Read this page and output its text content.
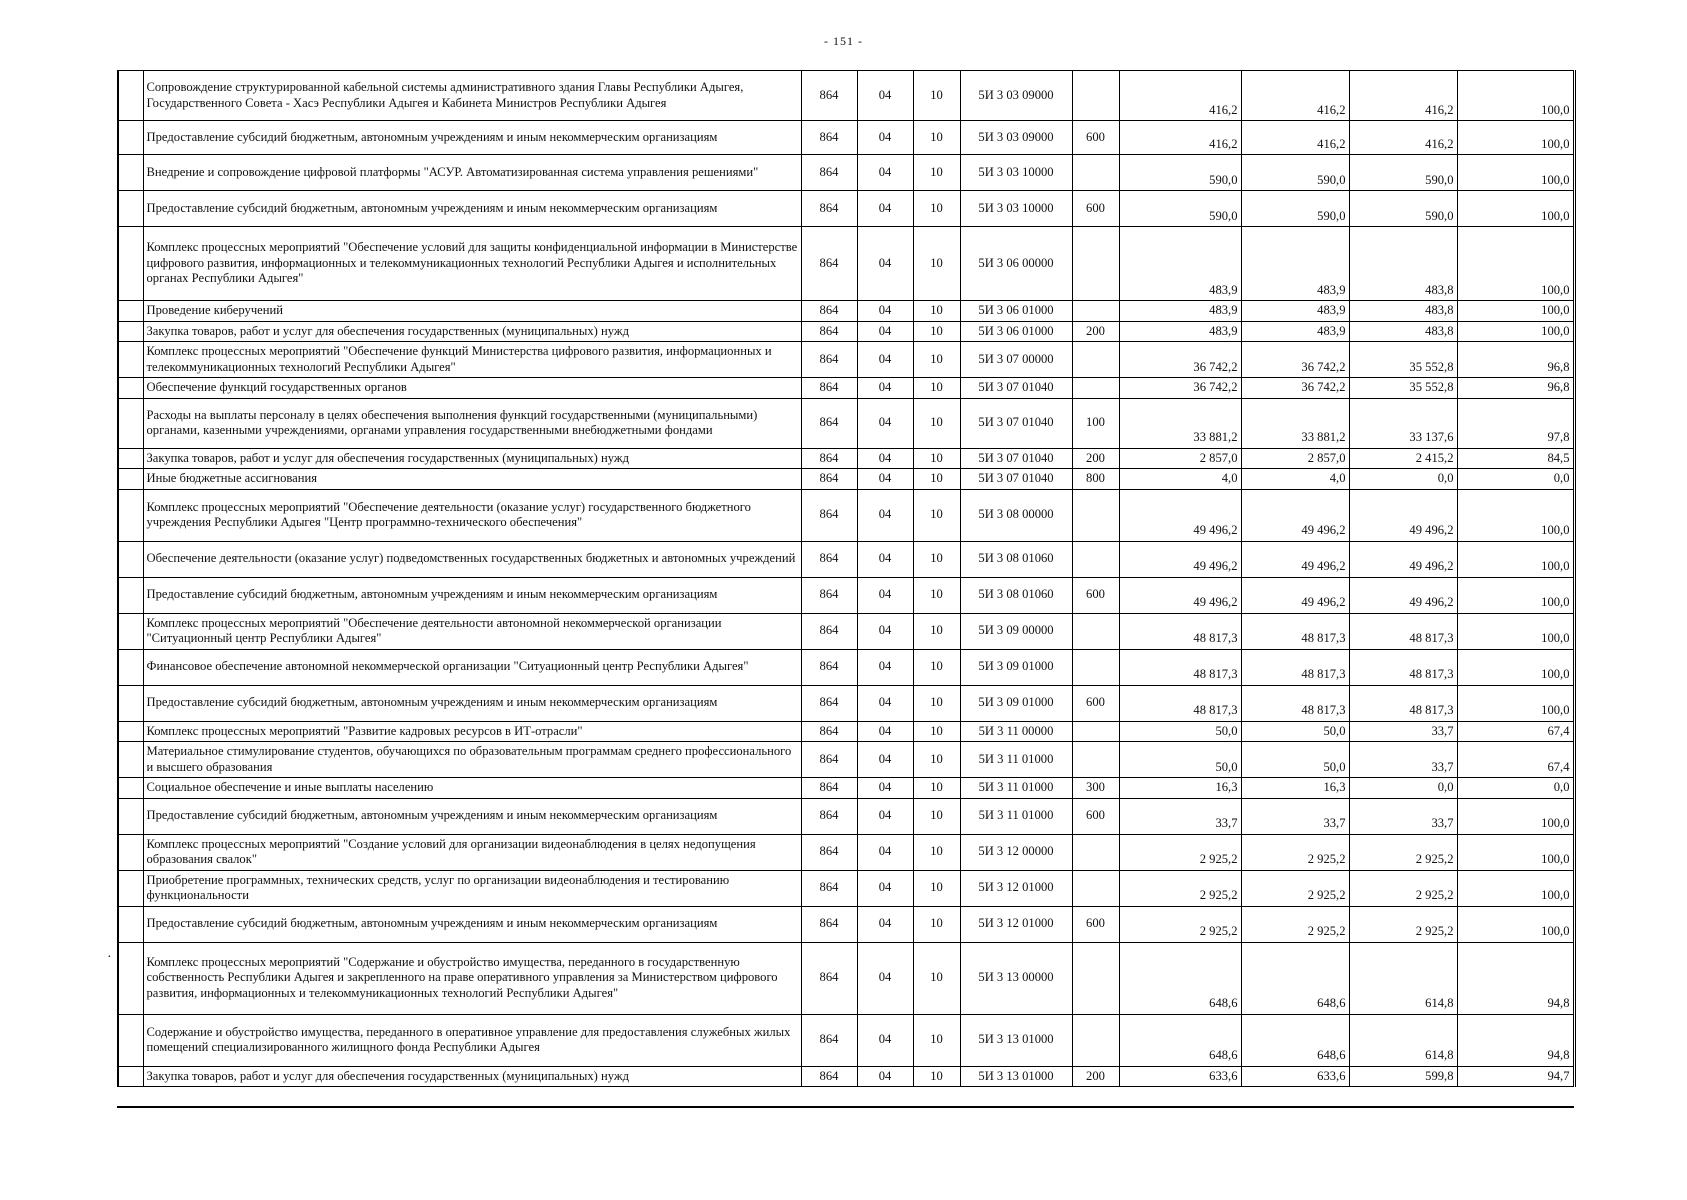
- 151 -
·
	Сопровождение структурированной кабельной системы административного здания Главы Республики Адыгея, Государственного Совета - Хасэ Республики Адыгея и Кабинета Министров Республики Адыгея	864	04	10	5И 3 03 09000		416,2	416,2	416,2	100,0
	Предоставление субсидий бюджетным, автономным учреждениям и иным некоммерческим организациям	864	04	10	5И 3 03 09000	600	416,2	416,2	416,2	100,0
	Внедрение и сопровождение цифровой платформы "АСУР. Автоматизированная система управления решениями"	864	04	10	5И 3 03 10000		590,0	590,0	590,0	100,0
	Предоставление субсидий бюджетным, автономным учреждениям и иным некоммерческим организациям	864	04	10	5И 3 03 10000	600	590,0	590,0	590,0	100,0
	Комплекс процессных мероприятий "Обеспечение условий для защиты конфиденциальной информации в Министерстве цифрового развития, информационных и телекоммуникационных технологий Республики Адыгея и исполнительных органах Республики Адыгея"	864	04	10	5И 3 06 00000		483,9	483,9	483,8	100,0
	Проведение киберучений	864	04	10	5И 3 06 01000		483,9	483,9	483,8	100,0
	Закупка товаров, работ и услуг для обеспечения государственных (муниципальных) нужд	864	04	10	5И 3 06 01000	200	483,9	483,9	483,8	100,0
	Комплекс процессных мероприятий "Обеспечение функций Министерства цифрового развития, информационных и телекоммуникационных технологий Республики Адыгея"	864	04	10	5И 3 07 00000		36 742,2	36 742,2	35 552,8	96,8
	Обеспечение функций государственных органов	864	04	10	5И 3 07 01040		36 742,2	36 742,2	35 552,8	96,8
	Расходы на выплаты персоналу в целях обеспечения выполнения функций государственными (муниципальными) органами, казенными учреждениями, органами управления государственными внебюджетными фондами	864	04	10	5И 3 07 01040	100	33 881,2	33 881,2	33 137,6	97,8
	Закупка товаров, работ и услуг для обеспечения государственных (муниципальных) нужд	864	04	10	5И 3 07 01040	200	2 857,0	2 857,0	2 415,2	84,5
	Иные бюджетные ассигнования	864	04	10	5И 3 07 01040	800	4,0	4,0	0,0	0,0
	Комплекс процессных мероприятий "Обеспечение деятельности (оказание услуг) государственного бюджетного учреждения Республики Адыгея "Центр программно-технического обеспечения"	864	04	10	5И 3 08 00000		49 496,2	49 496,2	49 496,2	100,0
	Обеспечение деятельности (оказание услуг) подведомственных государственных бюджетных и автономных учреждений	864	04	10	5И 3 08 01060		49 496,2	49 496,2	49 496,2	100,0
	Предоставление субсидий бюджетным, автономным учреждениям и иным некоммерческим организациям	864	04	10	5И 3 08 01060	600	49 496,2	49 496,2	49 496,2	100,0
	Комплекс процессных мероприятий "Обеспечение деятельности автономной некоммерческой организации "Ситуационный центр Республики Адыгея"	864	04	10	5И 3 09 00000		48 817,3	48 817,3	48 817,3	100,0
	Финансовое обеспечение автономной некоммерческой организации "Ситуационный центр Республики Адыгея"	864	04	10	5И 3 09 01000		48 817,3	48 817,3	48 817,3	100,0
	Предоставление субсидий бюджетным, автономным учреждениям и иным некоммерческим организациям	864	04	10	5И 3 09 01000	600	48 817,3	48 817,3	48 817,3	100,0
	Комплекс процессных мероприятий "Развитие кадровых ресурсов в ИТ-отрасли"	864	04	10	5И 3 11 00000		50,0	50,0	33,7	67,4
	Материальное стимулирование студентов, обучающихся по образовательным программам среднего профессионального и высшего образования	864	04	10	5И 3 11 01000		50,0	50,0	33,7	67,4
	Социальное обеспечение и иные выплаты населению	864	04	10	5И 3 11 01000	300	16,3	16,3	0,0	0,0
	Предоставление субсидий бюджетным, автономным учреждениям и иным некоммерческим организациям	864	04	10	5И 3 11 01000	600	33,7	33,7	33,7	100,0
	Комплекс процессных мероприятий "Создание условий для организации видеонаблюдения в целях недопущения образования свалок"	864	04	10	5И 3 12 00000		2 925,2	2 925,2	2 925,2	100,0
	Приобретение программных, технических средств, услуг по организации видеонаблюдения и тестированию функциональности	864	04	10	5И 3 12 01000		2 925,2	2 925,2	2 925,2	100,0
	Предоставление субсидий бюджетным, автономным учреждениям и иным некоммерческим организациям	864	04	10	5И 3 12 01000	600	2 925,2	2 925,2	2 925,2	100,0
	Комплекс процессных мероприятий "Содержание и обустройство имущества, переданного в государственную собственность Республики Адыгея и закрепленного на праве оперативного управления за Министерством цифрового развития, информационных и телекоммуникационных технологий Республики Адыгея"	864	04	10	5И 3 13 00000		648,6	648,6	614,8	94,8
	Содержание и обустройство имущества, переданного в оперативное управление для предоставления служебных жилых помещений специализированного жилищного фонда Республики Адыгея	864	04	10	5И 3 13 01000		648,6	648,6	614,8	94,8
	Закупка товаров, работ и услуг для обеспечения государственных (муниципальных) нужд	864	04	10	5И 3 13 01000	200	633,6	633,6	599,8	94,7
